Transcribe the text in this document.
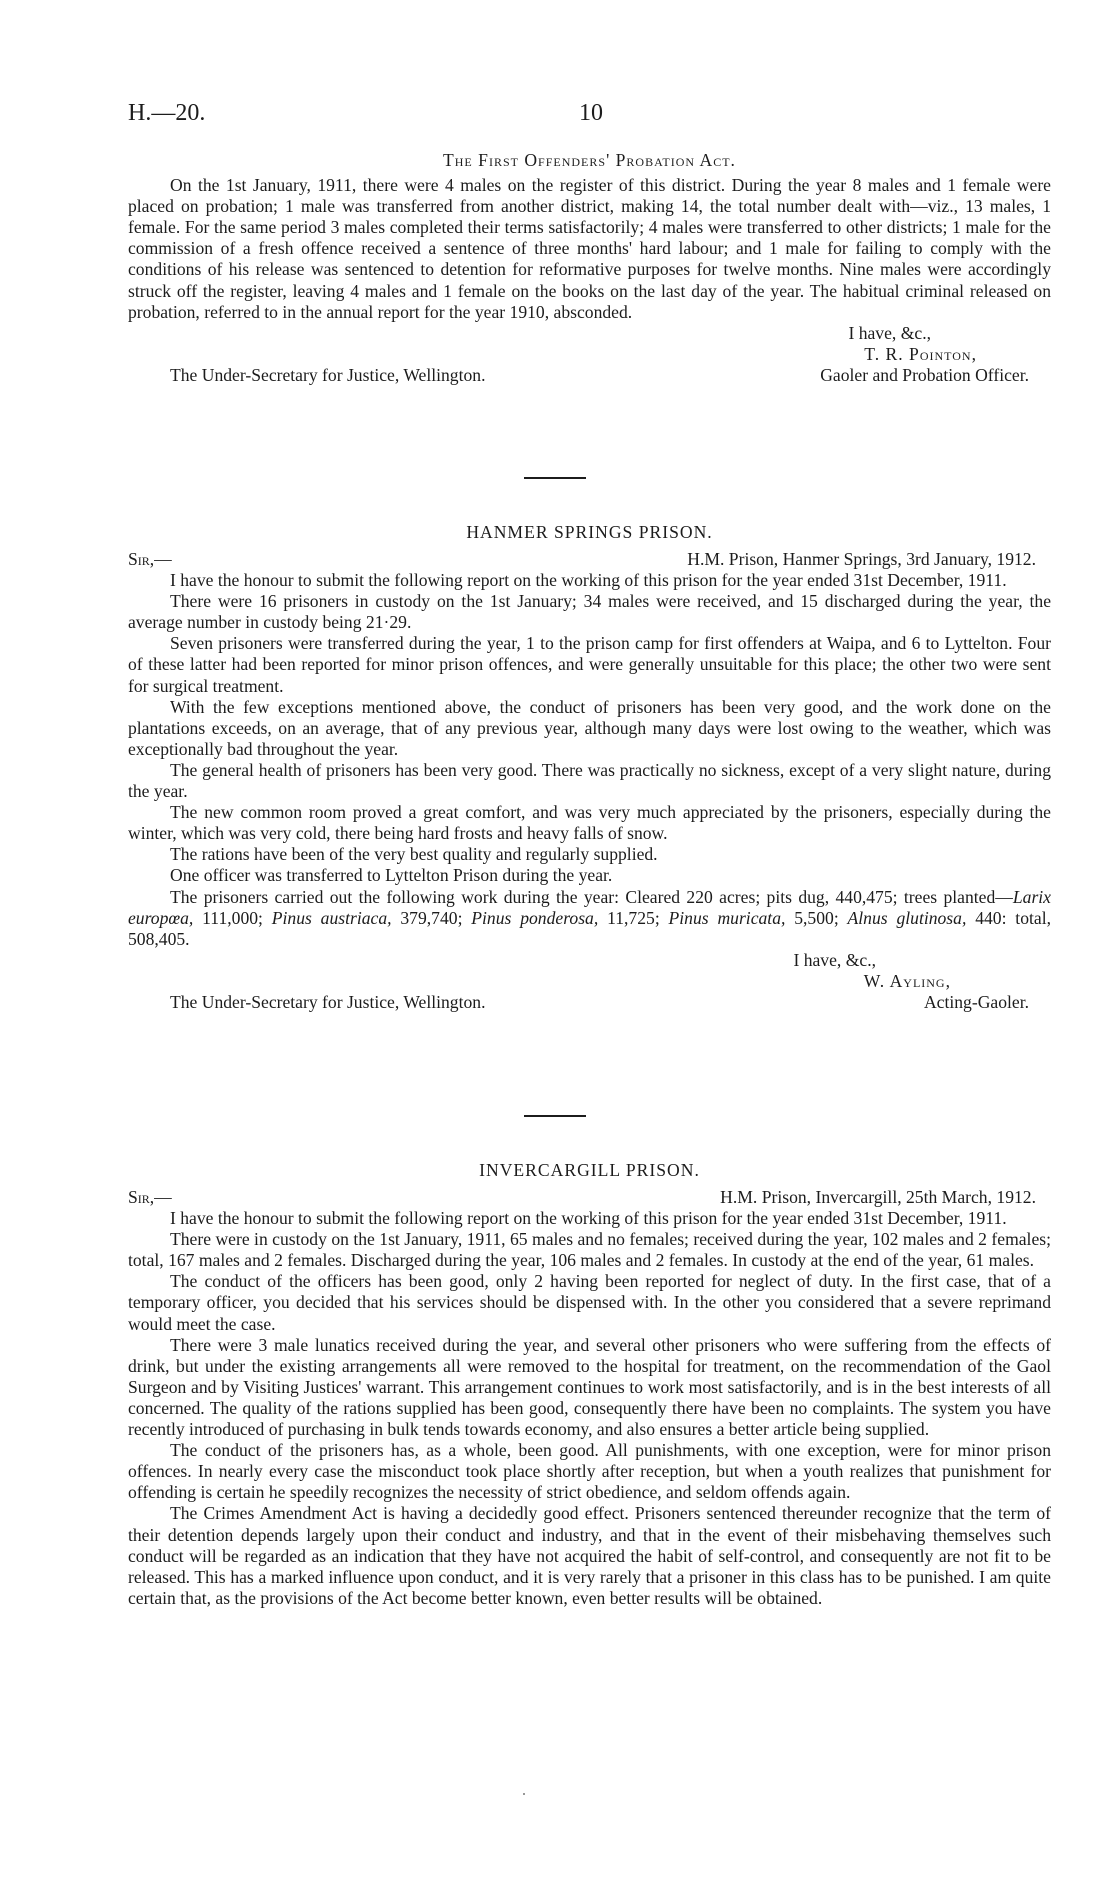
H.—20.	10
The First Offenders' Probation Act.

On the 1st January, 1911, there were 4 males on the register of this district. During the year 8 males and 1 female were placed on probation; 1 male was transferred from another district, making 14, the total number dealt with—viz., 13 males, 1 female. For the same period 3 males completed their terms satisfactorily; 4 males were transferred to other districts; 1 male for the commission of a fresh offence received a sentence of three months' hard labour; and 1 male for failing to comply with the conditions of his release was sentenced to detention for reformative purposes for twelve months. Nine males were accordingly struck off the register, leaving 4 males and 1 female on the books on the last day of the year. The habitual criminal released on probation, referred to in the annual report for the year 1910, absconded.

I have, &c.,
T. R. Pointon,
The Under-Secretary for Justice, Wellington.	Gaoler and Probation Officer.
HANMER SPRINGS PRISON.
Sir,—	H.M. Prison, Hanmer Springs, 3rd January, 1912.

I have the honour to submit the following report on the working of this prison for the year ended 31st December, 1911.

There were 16 prisoners in custody on the 1st January; 34 males were received, and 15 discharged during the year, the average number in custody being 21·29.

Seven prisoners were transferred during the year, 1 to the prison camp for first offenders at Waipa, and 6 to Lyttelton. Four of these latter had been reported for minor prison offences, and were generally unsuitable for this place; the other two were sent for surgical treatment.

With the few exceptions mentioned above, the conduct of prisoners has been very good, and the work done on the plantations exceeds, on an average, that of any previous year, although many days were lost owing to the weather, which was exceptionally bad throughout the year.

The general health of prisoners has been very good. There was practically no sickness, except of a very slight nature, during the year.

The new common room proved a great comfort, and was very much appreciated by the prisoners, especially during the winter, which was very cold, there being hard frosts and heavy falls of snow.

The rations have been of the very best quality and regularly supplied.

One officer was transferred to Lyttelton Prison during the year.

The prisoners carried out the following work during the year: Cleared 220 acres; pits dug, 440,475; trees planted—Larix europœa, 111,000; Pinus austriaca, 379,740; Pinus ponderosa, 11,725; Pinus muricata, 5,500; Alnus glutinosa, 440: total, 508,405.

I have, &c.,
W. Ayling,
The Under-Secretary for Justice, Wellington.	Acting-Gaoler.
INVERCARGILL PRISON.
Sir,—	H.M. Prison, Invercargill, 25th March, 1912.

I have the honour to submit the following report on the working of this prison for the year ended 31st December, 1911.

There were in custody on the 1st January, 1911, 65 males and no females; received during the year, 102 males and 2 females; total, 167 males and 2 females. Discharged during the year, 106 males and 2 females. In custody at the end of the year, 61 males.

The conduct of the officers has been good, only 2 having been reported for neglect of duty. In the first case, that of a temporary officer, you decided that his services should be dispensed with. In the other you considered that a severe reprimand would meet the case.

There were 3 male lunatics received during the year, and several other prisoners who were suffering from the effects of drink, but under the existing arrangements all were removed to the hospital for treatment, on the recommendation of the Gaol Surgeon and by Visiting Justices' warrant. This arrangement continues to work most satisfactorily, and is in the best interests of all concerned. The quality of the rations supplied has been good, consequently there have been no complaints. The system you have recently introduced of purchasing in bulk tends towards economy, and also ensures a better article being supplied.

The conduct of the prisoners has, as a whole, been good. All punishments, with one exception, were for minor prison offences. In nearly every case the misconduct took place shortly after reception, but when a youth realizes that punishment for offending is certain he speedily recognizes the necessity of strict obedience, and seldom offends again.

The Crimes Amendment Act is having a decidedly good effect. Prisoners sentenced thereunder recognize that the term of their detention depends largely upon their conduct and industry, and that in the event of their misbehaving themselves such conduct will be regarded as an indication that they have not acquired the habit of self-control, and consequently are not fit to be released. This has a marked influence upon conduct, and it is very rarely that a prisoner in this class has to be punished. I am quite certain that, as the provisions of the Act become better known, even better results will be obtained.
